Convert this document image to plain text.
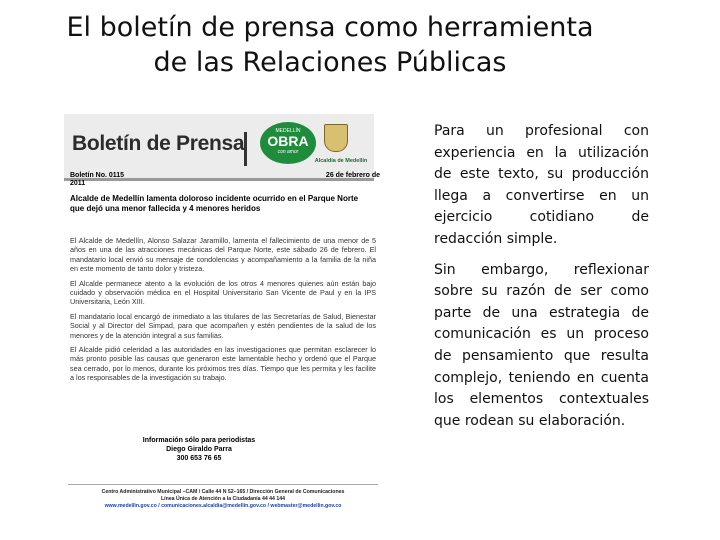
El boletín de prensa como herramienta
de las Relaciones Públicas
Boletín de Prensa
MEDELLÍN
OBRA
con amor
Alcaldía de Medellín
Boletín No. 0115	26 de febrero de
2011
Alcalde de Medellín lamenta doloroso incidente ocurrido en el Parque Norte que dejó una menor fallecida y 4 menores heridos

El Alcalde de Medellín, Alonso Salazar Jaramillo, lamenta el fallecimiento de una menor de 5 años en una de las atracciones mecánicas del Parque Norte, este sábado 26 de febrero. El mandatario local envió su mensaje de condolencias y acompañamiento a la familia de la niña en este momento de tanto dolor y tristeza.

El Alcalde permanece atento a la evolución de los otros 4 menores quienes aún están bajo cuidado y observación médica en el Hospital Universitario San Vicente de Paul y en la IPS Universitaria, León XIII.

El mandatario local encargó de inmediato a las titulares de las Secretarías de Salud, Bienestar Social y al Director del Simpad, para que acompañen y estén pendientes de la salud de los menores y de la atención integral a sus familias.

El Alcalde pidió celeridad a las autoridades en las investigaciones que permitan esclarecer lo más pronto posible las causas que generaron este lamentable hecho y ordenó que el Parque sea cerrado, por lo menos, durante los próximos tres días. Tiempo que les permita y les facilite a los responsables de la investigación su trabajo.

Información sólo para periodistas
Diego Giraldo Parra
300 653 76 65
Centro Administrativo Municipal –CAM / Calle 44 N 52–165 / Dirección General de Comunicaciones
Línea Única de Atención a la Ciudadanía 44 44 144
www.medellin.gov.co / comunicaciones.alcaldia@medellin.gov.co / webmaster@medellin.gov.co

Para un profesional con experiencia en la utilización de este texto, su producción llega a convertirse en un ejercicio cotidiano de redacción simple.

Sin embargo, reflexionar sobre su razón de ser como parte de una estrategia de comunicación es un proceso de pensamiento que resulta complejo, teniendo en cuenta los elementos contextuales que rodean su elaboración.
